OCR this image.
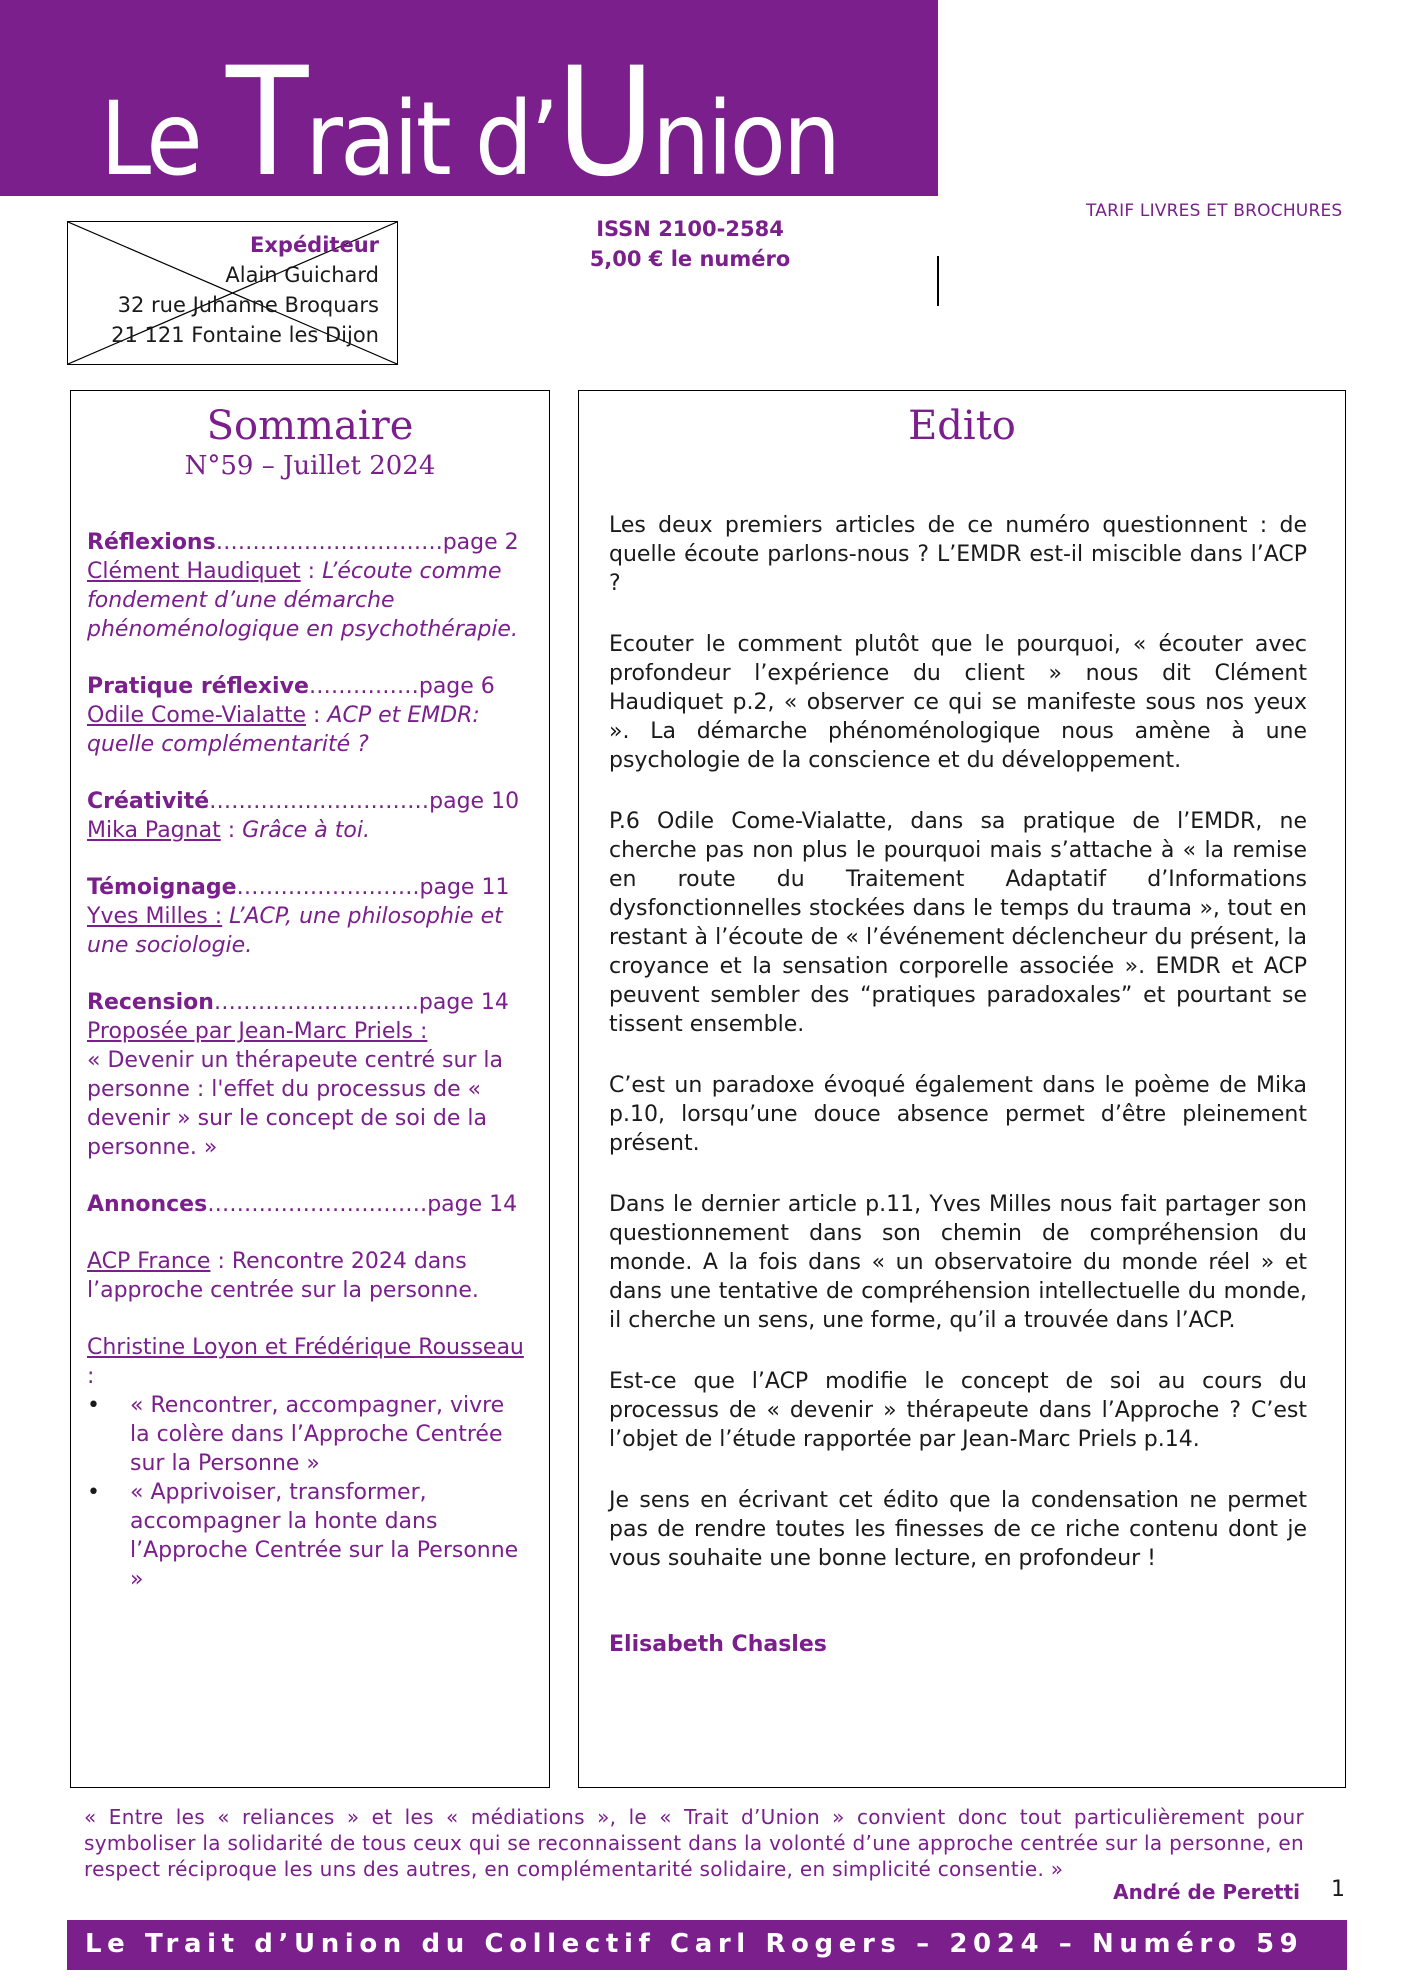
Le Trait d’Union
Expéditeur
Alain Guichard
32 rue Juhanne Broquars
21 121 Fontaine les Dijon
ISSN 2100-2584
5,00 € le numéro
TARIF LIVRES ET BROCHURES
Sommaire
N°59 – Juillet 2024
Réflexions………………………….page 2
Clément Haudiquet : L’écoute comme fondement d’une démarche phénoménologique en psychothérapie.
Pratique réflexive……………page 6
Odile Come-Vialatte : ACP et EMDR: quelle complémentarité ?
Créativité…………………………page 10
Mika Pagnat : Grâce à toi.
Témoignage…………………….page 11
Yves Milles : L’ACP, une philosophie et une sociologie.
Recension……………………….page 14
Proposée par Jean-Marc Priels :
« Devenir un thérapeute centré sur la personne : l'effet du processus de « devenir » sur le concept de soi de la personne. »
Annonces…………………………page 14
ACP France : Rencontre 2024 dans l’approche centrée sur la personne.
Christine Loyon et Frédérique Rousseau :
• « Rencontrer, accompagner, vivre la colère dans l’Approche Centrée sur la Personne »
• « Apprivoiser, transformer, accompagner la honte dans l’Approche Centrée sur la Personne »
Edito

Les deux premiers articles de ce numéro questionnent : de quelle écoute parlons-nous ? L’EMDR est-il miscible dans l’ACP ?

Ecouter le comment plutôt que le pourquoi, « écouter avec profondeur l’expérience du client » nous dit Clément Haudiquet p.2, « observer ce qui se manifeste sous nos yeux ». La démarche phénoménologique nous amène à une psychologie de la conscience et du développement.

P.6 Odile Come-Vialatte, dans sa pratique de l’EMDR, ne cherche pas non plus le pourquoi mais s’attache à « la remise en route du Traitement Adaptatif d’Informations dysfonctionnelles stockées dans le temps du trauma », tout en restant à l’écoute de « l’événement déclencheur du présent, la croyance et la sensation corporelle associée ». EMDR et ACP peuvent sembler des “pratiques paradoxales” et pourtant se tissent ensemble.

C’est un paradoxe évoqué également dans le poème de Mika p.10, lorsqu’une douce absence permet d’être pleinement présent.

Dans le dernier article p.11, Yves Milles nous fait partager son questionnement dans son chemin de compréhension du monde. A la fois dans « un observatoire du monde réel » et dans une tentative de compréhension intellectuelle du monde, il cherche un sens, une forme, qu’il a trouvée dans l’ACP.

Est-ce que l’ACP modifie le concept de soi au cours du processus de « devenir » thérapeute dans l’Approche ? C’est l’objet de l’étude rapportée par Jean-Marc Priels p.14.

Je sens en écrivant cet édito que la condensation ne permet pas de rendre toutes les finesses de ce riche contenu dont je vous souhaite une bonne lecture, en profondeur !

Elisabeth Chasles
« Entre les « reliances » et les « médiations », le « Trait d’Union » convient donc tout particulièrement pour symboliser la solidarité de tous ceux qui se reconnaissent dans la volonté d’une approche centrée sur la personne, en respect réciproque les uns des autres, en complémentarité solidaire, en simplicité consentie. »
André de Peretti 1
Le Trait d’Union du Collectif Carl Rogers – 2024 – Numéro 59
